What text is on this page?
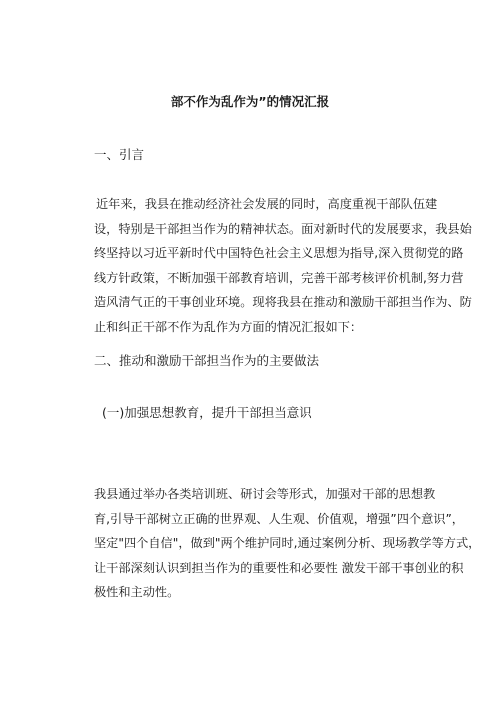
部不作为乱作为”的情况汇报
一、引言
近年来，我县在推动经济社会发展的同时，高度重视干部队伍建
设，特别是干部担当作为的精神状态。面对新时代的发展要求，我县始
终坚持以习近平新时代中国特色社会主义思想为指导,深入贯彻党的路
线方针政策，不断加强干部教育培训，完善干部考核评价机制,努力营
造风清气正的干事创业环境。现将我县在推动和激励干部担当作为、防
止和纠正干部不作为乱作为方面的情况汇报如下：
二、推动和激励干部担当作为的主要做法
(一)加强思想教育，提升干部担当意识
我县通过举办各类培训班、研讨会等形式，加强对干部的思想教
育,引导干部树立正确的世界观、人生观、价值观，增强”四个意识”，
坚定"四个自信"，做到"两个维护同时,通过案例分析、现场教学等方式，
让干部深刻认识到担当作为的重要性和必要性 激发干部干事创业的积
极性和主动性。
